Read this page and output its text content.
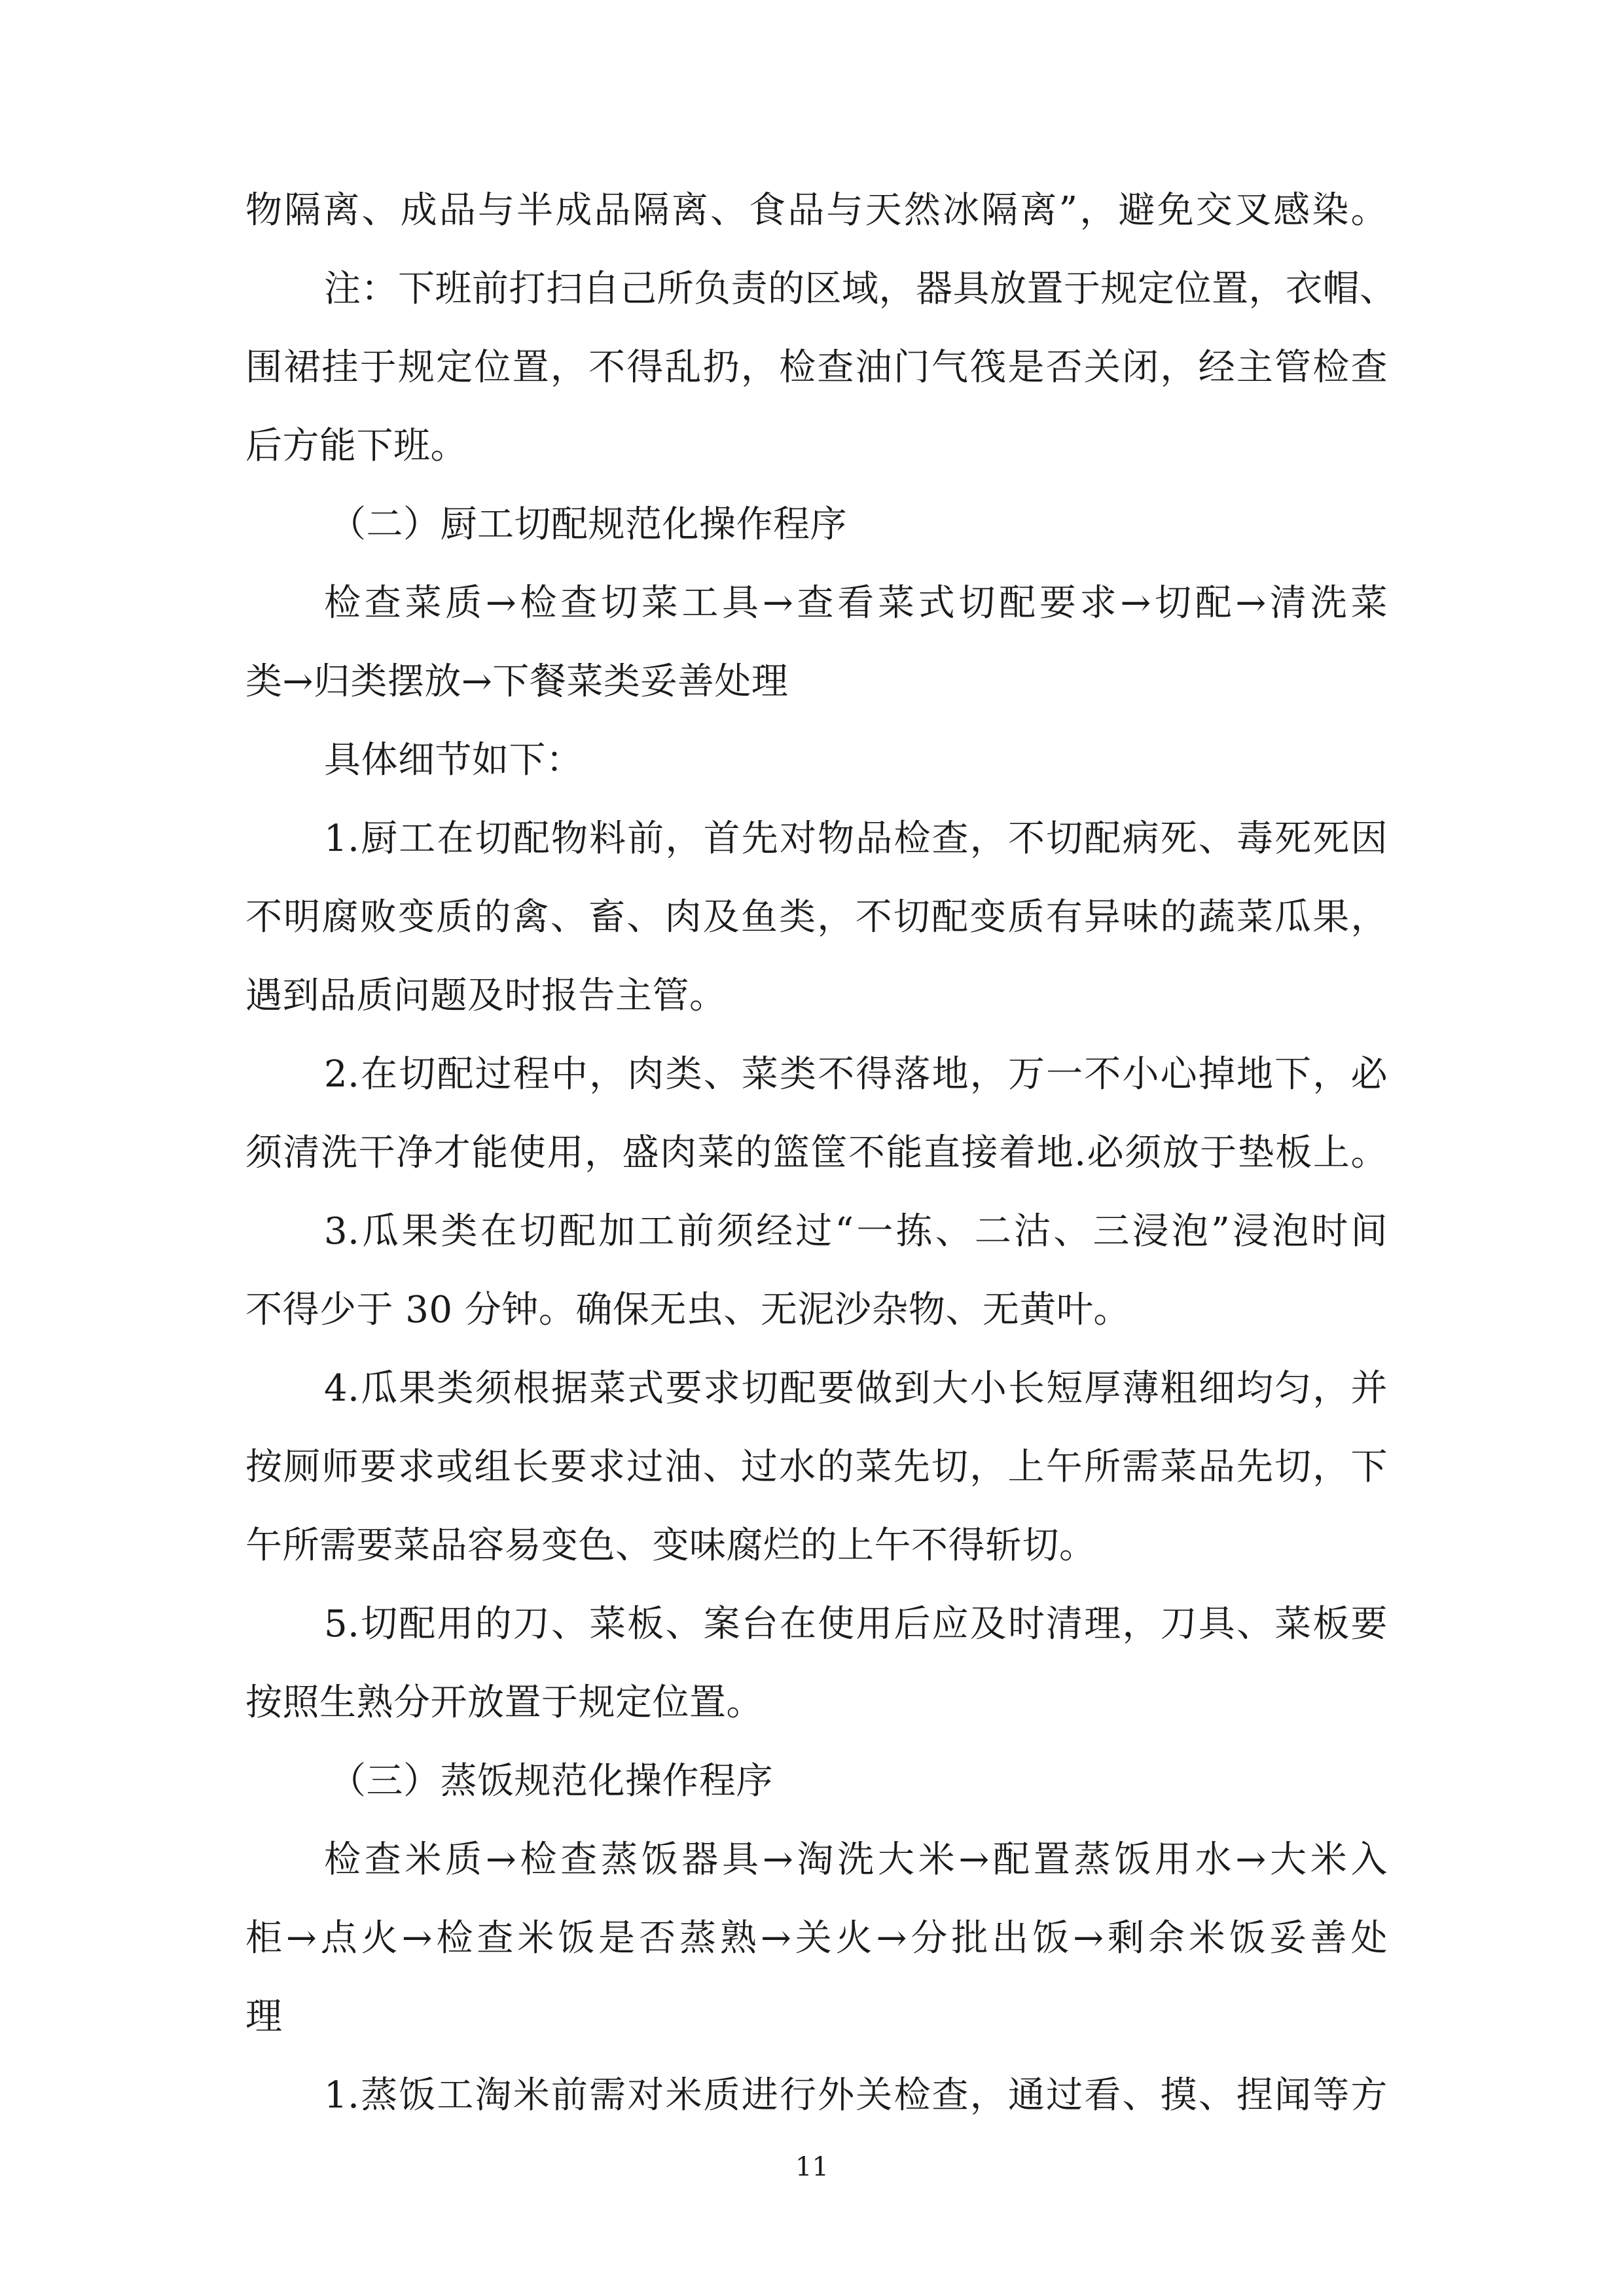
物隔离、成品与半成品隔离、食品与天然冰隔离”，避免交叉感染。
注：下班前打扫自己所负责的区域，器具放置于规定位置，衣帽、
围裙挂于规定位置，不得乱扔，检查油门气筏是否关闭，经主管检查
后方能下班。
（二）厨工切配规范化操作程序
检查菜质→检查切菜工具→查看菜式切配要求→切配→清洗菜
类→归类摆放→下餐菜类妥善处理
具体细节如下：
1.厨工在切配物料前，首先对物品检查，不切配病死、毒死死因
不明腐败变质的禽、畜、肉及鱼类，不切配变质有异味的蔬菜瓜果，
遇到品质问题及时报告主管。
2.在切配过程中，肉类、菜类不得落地，万一不小心掉地下，必
须清洗干净才能使用，盛肉菜的篮筐不能直接着地.必须放于垫板上。
3.瓜果类在切配加工前须经过“一拣、二沽、三浸泡”浸泡时间
不得少于 30 分钟。确保无虫、无泥沙杂物、无黄叶。
4.瓜果类须根据菜式要求切配要做到大小长短厚薄粗细均匀，并
按厕师要求或组长要求过油、过水的菜先切，上午所需菜品先切，下
午所需要菜品容易变色、变味腐烂的上午不得斩切。
5.切配用的刀、菜板、案台在使用后应及时清理，刀具、菜板要
按照生熟分开放置于规定位置。
（三）蒸饭规范化操作程序
检查米质→检查蒸饭器具→淘洗大米→配置蒸饭用水→大米入
柜→点火→检查米饭是否蒸熟→关火→分批出饭→剩余米饭妥善处
理
1.蒸饭工淘米前需对米质进行外关检查，通过看、摸、捏闻等方
11
